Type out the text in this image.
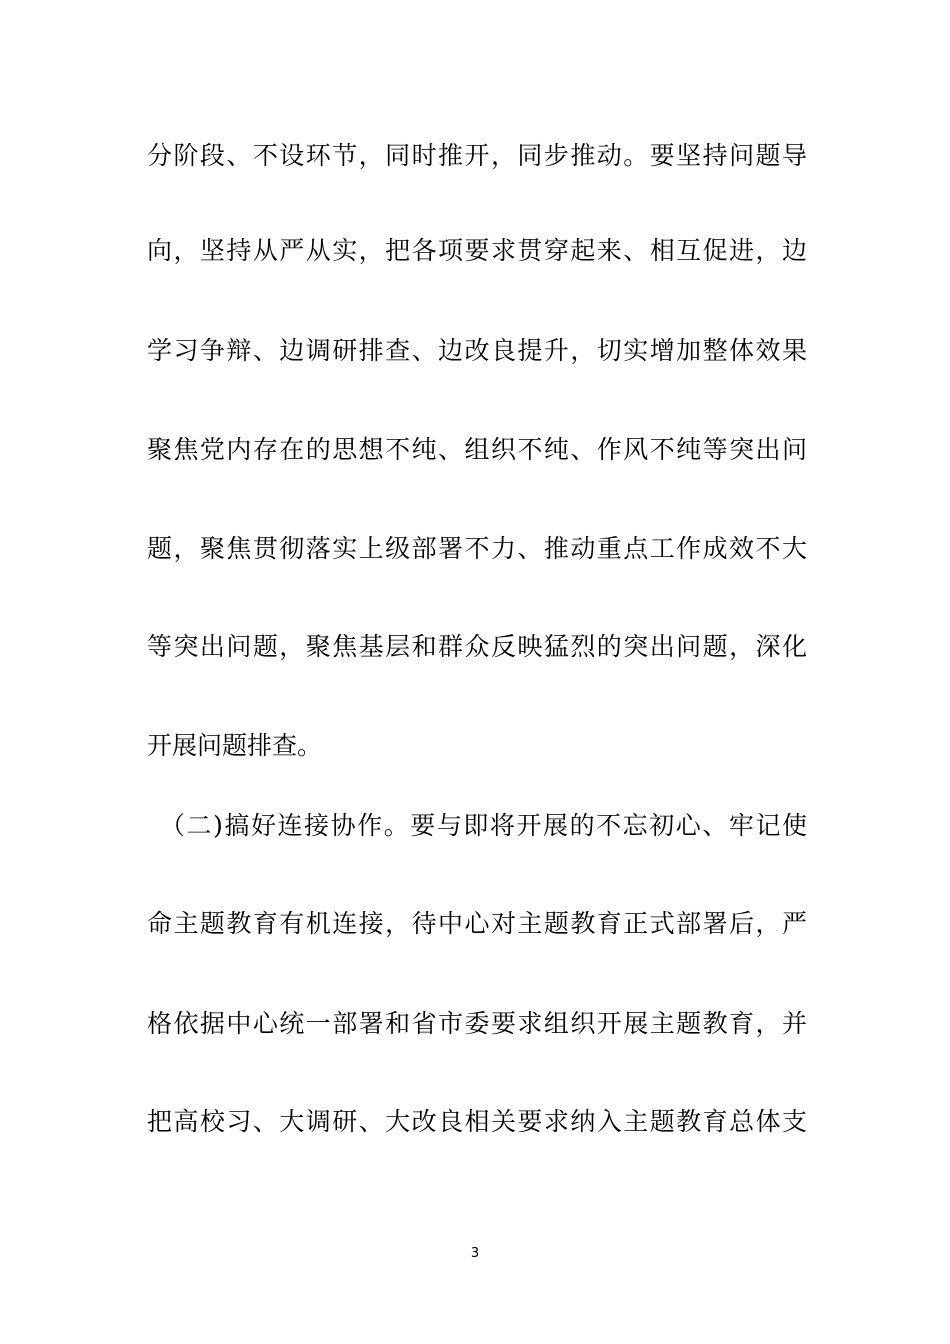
分阶段、不设环节，同时推开，同步推动。要坚持问题导
向，坚持从严从实，把各项要求贯穿起来、相互促进，边
学习争辩、边调研排查、边改良提升，切实增加整体效果
聚焦党内存在的思想不纯、组织不纯、作风不纯等突出问
题，聚焦贯彻落实上级部署不力、推动重点工作成效不大
等突出问题，聚焦基层和群众反映猛烈的突出问题，深化
开展问题排查。
（二)搞好连接协作。要与即将开展的不忘初心、牢记使
命主题教育有机连接，待中心对主题教育正式部署后，严
格依据中心统一部署和省市委要求组织开展主题教育，并
把高校习、大调研、大改良相关要求纳入主题教育总体支
3
